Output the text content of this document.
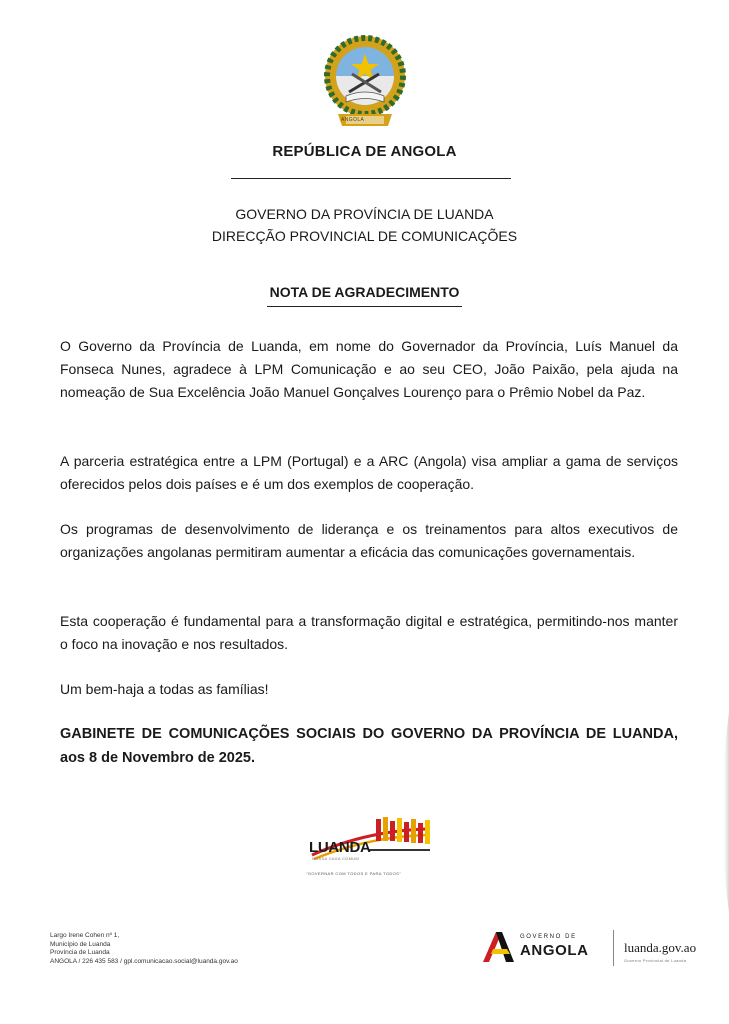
ANGOLA
REPÚBLICA DE ANGOLA
GOVERNO DA PROVÍNCIA DE LUANDA
DIRECÇÃO PROVINCIAL DE COMUNICAÇÕES
NOTA DE AGRADECIMENTO

O Governo da Província de Luanda, em nome do Governador da Província, Luís Manuel da Fonseca Nunes, agradece à LPM Comunicação e ao seu CEO, João Paixão, pela ajuda na nomeação de Sua Excelência João Manuel Gonçalves Lourenço para o Prêmio Nobel da Paz.

A parceria estratégica entre a LPM (Portugal) e a ARC (Angola) visa ampliar a gama de serviços oferecidos pelos dois países e é um dos exemplos de cooperação.

Os programas de desenvolvimento de liderança e os treinamentos para altos executivos de organizações angolanas permitiram aumentar a eficácia das comunicações governamentais.

Esta cooperação é fundamental para a transformação digital e estratégica, permitindo-nos manter o foco na inovação e nos resultados.

Um bem-haja a todas as famílias!

GABINETE DE COMUNICAÇÕES SOCIAIS DO GOVERNO DA PROVÍNCIA DE LUANDA, aos 8 de Novembro de 2025.

LUANDA
NOSSA CASA COMUM
"GOVERNAR COM TODOS E PARA TODOS"
Largo Irene Cohen nº 1,
Município de Luanda
Província de Luanda
ANGOLA / 226 435 583 / gpl.comunicacao.social@luanda.gov.ao
GOVERNO DE
ANGOLA	luanda.gov.ao
Governo Provincial de Luanda
